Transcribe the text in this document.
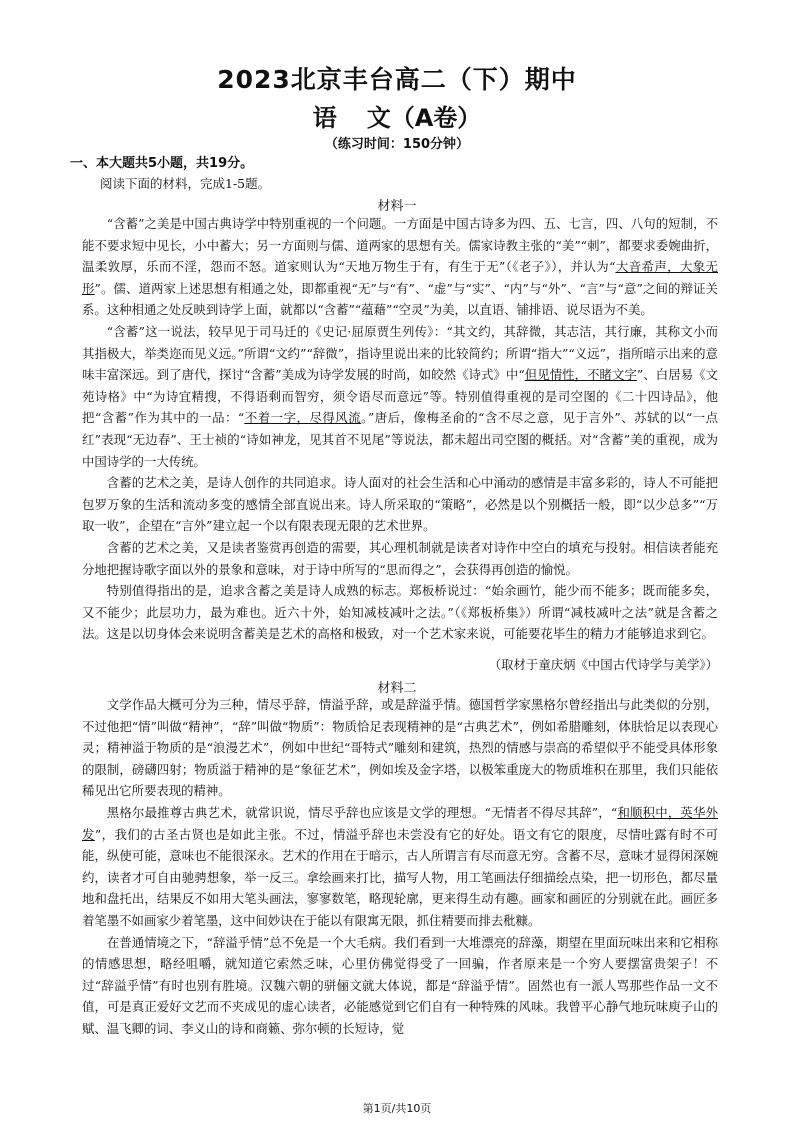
2023北京丰台高二（下）期中
语 文（A卷）
（练习时间：150分钟）
一、本大题共5小题，共19分。
阅读下面的材料，完成1-5题。
材料一

“含蓄”之美是中国古典诗学中特别重视的一个问题。一方面是中国古诗多为四、五、七言，四、八句的短制，不能不要求短中见长，小中蓄大；另一方面则与儒、道两家的思想有关。儒家诗教主张的“美”“刺”，都要求委婉曲折，温柔敦厚，乐而不淫，怨而不怒。道家则认为“天地万物生于有，有生于无”（《老子》），并认为“大音希声，大象无形”。儒、道两家上述思想有相通之处，即都重视“无”与“有”、“虚”与“实”、“内”与“外”、“言”与“意”之间的辩证关系。这种相通之处反映到诗学上面，就都以“含蓄”“蕴藉”“空灵”为美，以直语、铺排语、说尽语为不美。

“含蓄”这一说法，较早见于司马迁的《史记·屈原贾生列传》：“其文约，其辞微，其志洁，其行廉，其称文小而其指极大，举类迩而见义远。”所谓“文约”“辞微”，指诗里说出来的比较简约；所谓“指大”“义远”，指所暗示出来的意味丰富深远。到了唐代，探讨“含蓄”美成为诗学发展的时尚，如皎然《诗式》中“但见情性，不睹文字”、白居易《文苑诗格》中“为诗宜精搜，不得语剩而智穷，须令语尽而意远”等。特别值得重视的是司空图的《二十四诗品》，他把“含蓄”作为其中的一品：“不着一字，尽得风流。”唐后，像梅圣俞的“含不尽之意，见于言外”、苏轼的以“一点红”表现“无边春”、王士祯的“诗如神龙，见其首不见尾”等说法，都未超出司空图的概括。对“含蓄”美的重视，成为中国诗学的一大传统。

含蓄的艺术之美，是诗人创作的共同追求。诗人面对的社会生活和心中涌动的感情是丰富多彩的，诗人不可能把包罗万象的生活和流动多变的感情全部直说出来。诗人所采取的“策略”，必然是以个别概括一般，即“以少总多”“万取一收”，企望在“言外”建立起一个以有限表现无限的艺术世界。

含蓄的艺术之美，又是读者鉴赏再创造的需要，其心理机制就是读者对诗作中空白的填充与投射。相信读者能充分地把握诗歌字面以外的景象和意味，对于诗中所写的“思而得之”，会获得再创造的愉悦。

特别值得指出的是，追求含蓄之美是诗人成熟的标志。郑板桥说过：“始余画竹，能少而不能多；既而能多矣，又不能少；此层功力，最为难也。近六十外，始知减枝减叶之法。”（《郑板桥集》）所谓“减枝减叶之法”就是含蓄之法。这是以切身体会来说明含蓄美是艺术的高格和极致，对一个艺术家来说，可能要花毕生的精力才能够追求到它。

（取材于童庆炳《中国古代诗学与美学》）
材料二

文学作品大概可分为三种，情尽乎辞，情溢乎辞，或是辞溢乎情。德国哲学家黑格尔曾经指出与此类似的分别，不过他把“情”叫做“精神”，“辞”叫做“物质”：物质恰足表现精神的是“古典艺术”，例如希腊雕刻，体肤恰足以表现心灵；精神溢于物质的是“浪漫艺术”，例如中世纪“哥特式”雕刻和建筑，热烈的情感与崇高的希望似乎不能受具体形象的限制，磅礴四射；物质溢于精神的是“象征艺术”，例如埃及金字塔，以极笨重庞大的物质堆积在那里，我们只能依稀见出它所要表现的精神。

黑格尔最推尊古典艺术，就常识说，情尽乎辞也应该是文学的理想。“无情者不得尽其辞”，“和顺积中，英华外发”，我们的古圣古贤也是如此主张。不过，情溢乎辞也未尝没有它的好处。语文有它的限度，尽情吐露有时不可能，纵使可能，意味也不能很深永。艺术的作用在于暗示，古人所谓言有尽而意无穷。含蓄不尽，意味才显得闲深婉约，读者才可自由驰骋想象，举一反三。拿绘画来打比，描写人物，用工笔画法仔细描绘点染，把一切形色，都尽量地和盘托出，结果反不如用大笔头画法，寥寥数笔，略现轮廓，更来得生动有趣。画家和画匠的分别就在此。画匠多着笔墨不如画家少着笔墨，这中间妙诀在于能以有限寓无限，抓住精要而排去秕糠。

在普通情境之下，“辞溢乎情”总不免是一个大毛病。我们看到一大堆漂亮的辞藻，期望在里面玩味出来和它相称的情感思想，略经咀嚼，就知道它索然乏味，心里仿佛觉得受了一回骗，作者原来是一个穷人要摆富贵架子！不过“辞溢乎情”有时也别有胜境。汉魏六朝的骈俪文就大体说，都是“辞溢乎情”。固然也有一派人骂那些作品一文不值，可是真正爱好文艺而不夹成见的虚心读者，必能感觉到它们自有一种特殊的风味。我曾平心静气地玩味庾子山的赋、温飞卿的词、李义山的诗和商籁、弥尔顿的长短诗，觉

第1页/共10页
